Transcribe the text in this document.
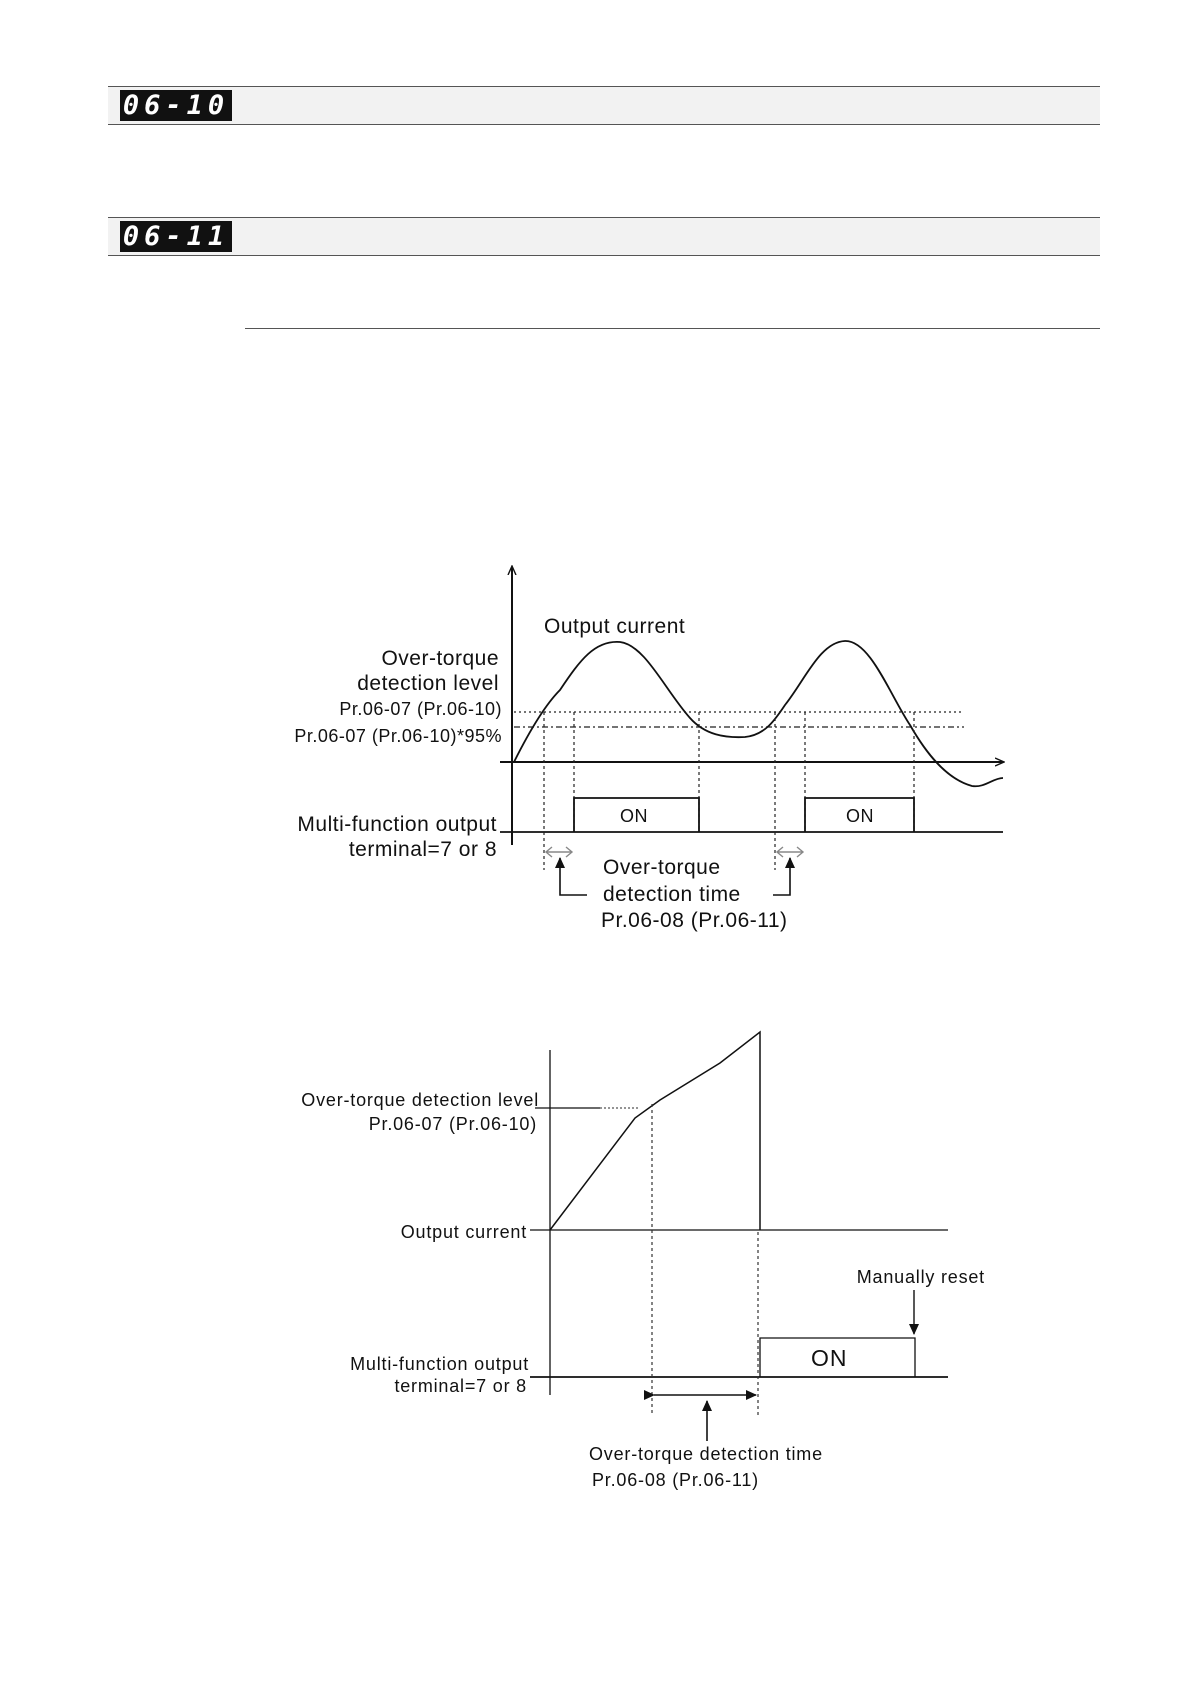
06-10
06-11
ON	ON
Output current
Over-torque
detection level
Pr.06-07 (Pr.06-10)
Pr.06-07 (Pr.06-10)*95%
Multi-function output
terminal=7 or 8
Over-torque
detection time
Pr.06-08 (Pr.06-11)
ON
Over-torque detection level
Pr.06-07 (Pr.06-10)
Output current
Manually reset
Multi-function output
terminal=7 or 8
Over-torque detection time
Pr.06-08 (Pr.06-11)
